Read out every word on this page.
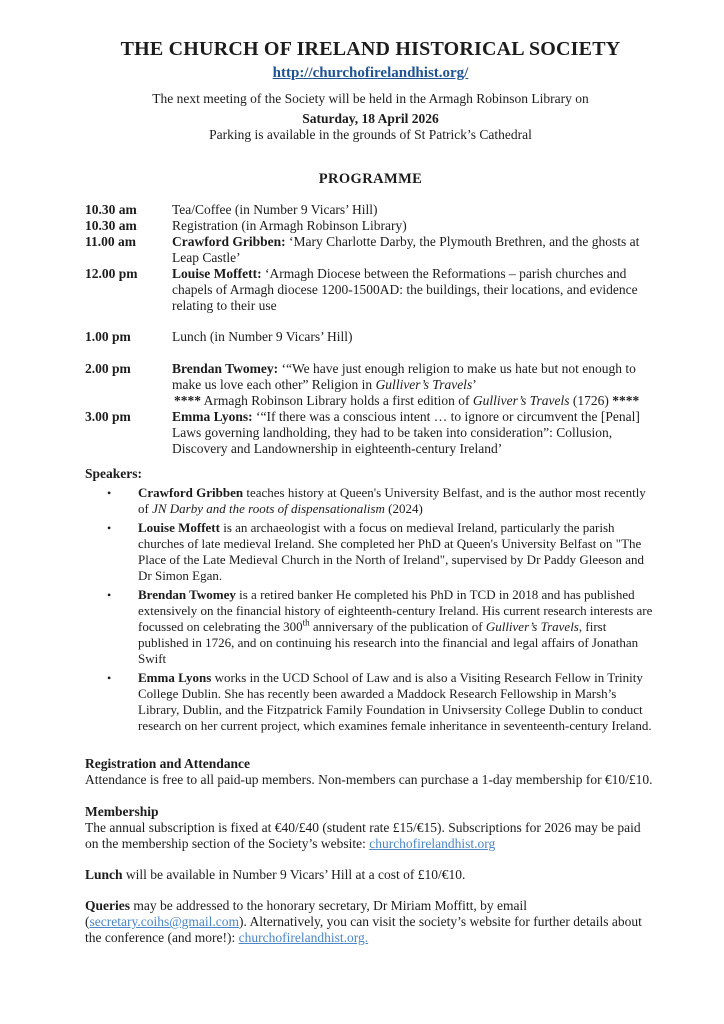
THE CHURCH OF IRELAND HISTORICAL SOCIETY
http://churchofirelandhist.org/
The next meeting of the Society will be held in the Armagh Robinson Library on
Saturday, 18 April 2026
Parking is available in the grounds of St Patrick’s Cathedral
PROGRAMME
10.30 am	Tea/Coffee (in Number 9 Vicars’ Hill)
10.30 am	Registration (in Armagh Robinson Library)
11.00 am	Crawford Gribben: ‘Mary Charlotte Darby, the Plymouth Brethren, and the ghosts at Leap Castle’
12.00 pm	Louise Moffett: ‘Armagh Diocese between the Reformations – parish churches and chapels of Armagh diocese 1200-1500AD: the buildings, their locations, and evidence relating to their use
1.00 pm	Lunch (in Number 9 Vicars’ Hill)
2.00 pm	Brendan Twomey: ‘“We have just enough religion to make us hate but not enough to make us love each other” Religion in Gulliver’s Travels’
**** Armagh Robinson Library holds a first edition of Gulliver’s Travels (1726) ****
3.00 pm	Emma Lyons: ‘“If there was a conscious intent … to ignore or circumvent the [Penal] Laws governing landholding, they had to be taken into consideration”: Collusion, Discovery and Landownership in eighteenth-century Ireland’
Speakers:
•	Crawford Gribben teaches history at Queen's University Belfast, and is the author most recently of JN Darby and the roots of dispensationalism (2024)
•	Louise Moffett is an archaeologist with a focus on medieval Ireland, particularly the parish churches of late medieval Ireland. She completed her PhD at Queen's University Belfast on "The Place of the Late Medieval Church in the North of Ireland", supervised by Dr Paddy Gleeson and Dr Simon Egan.
•	Brendan Twomey is a retired banker He completed his PhD in TCD in 2018 and has published extensively on the financial history of eighteenth-century Ireland. His current research interests are focussed on celebrating the 300th anniversary of the publication of Gulliver’s Travels, first published in 1726, and on continuing his research into the financial and legal affairs of Jonathan Swift
•	Emma Lyons works in the UCD School of Law and is also a Visiting Research Fellow in Trinity College Dublin. She has recently been awarded a Maddock Research Fellowship in Marsh’s Library, Dublin, and the Fitzpatrick Family Foundation in Univsersity College Dublin to conduct research on her current project, which examines female inheritance in seventeenth-century Ireland.
Registration and Attendance
Attendance is free to all paid-up members. Non-members can purchase a 1-day membership for €10/£10.
Membership
The annual subscription is fixed at €40/£40 (student rate £15/€15). Subscriptions for 2026 may be paid on the membership section of the Society’s website: churchofirelandhist.org
Lunch will be available in Number 9 Vicars’ Hill at a cost of £10/€10.
Queries may be addressed to the honorary secretary, Dr Miriam Moffitt, by email (secretary.coihs@gmail.com). Alternatively, you can visit the society’s website for further details about the conference (and more!): churchofirelandhist.org.
